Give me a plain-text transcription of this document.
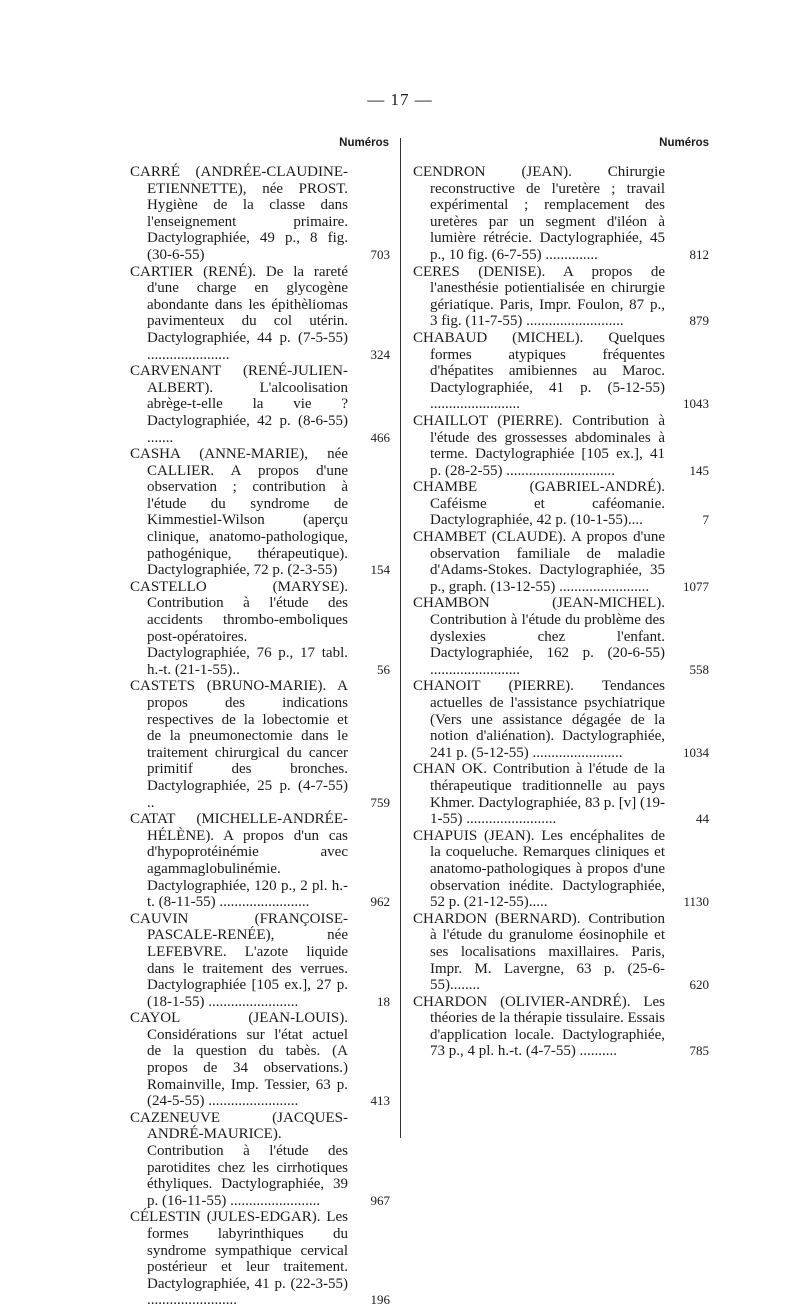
— 17 —
Numéros
CARRÉ (ANDRÉE-CLAUDINE-ETIENNETTE), née PROST. Hygiène de la classe dans l'enseignement primaire. Dactylographiée, 49 p., 8 fig. (30-6-55)	703
CARTIER (RENÉ). De la rareté d'une charge en glycogène abondante dans les épithèliomas pavimenteux du col utérin. Dactylographiée, 44 p. (7-5-55) ......................	324
CARVENANT (RENÉ-JULIEN-ALBERT). L'alcoolisation abrège-t-elle la vie ? Dactylographiée, 42 p. (8-6-55) .......	466
CASHA (ANNE-MARIE), née CALLIER. A propos d'une observation ; contribution à l'étude du syndrome de Kimmestiel-Wilson (aperçu clinique, anatomo-pathologique, pathogénique, thérapeutique). Dactylographiée, 72 p. (2-3-55)	154
CASTELLO (MARYSE). Contribution à l'étude des accidents thrombo-emboliques post-opératoires. Dactylographiée, 76 p., 17 tabl. h.-t. (21-1-55)..	56
CASTETS (BRUNO-MARIE). A propos des indications respectives de la lobectomie et de la pneumonectomie dans le traitement chirurgical du cancer primitif des bronches. Dactylographiée, 25 p. (4-7-55) ..	759
CATAT (MICHELLE-ANDRÉE-HÉLÈNE). A propos d'un cas d'hypoprotéinémie avec agammaglobulinémie. Dactylographiée, 120 p., 2 pl. h.-t. (8-11-55) ........................	962
CAUVIN (FRANÇOISE-PASCALE-RENÉE), née LEFEBVRE. L'azote liquide dans le traitement des verrues. Dactylographiée [105 ex.], 27 p. (18-1-55) ........................	18
CAYOL (JEAN-LOUIS). Considérations sur l'état actuel de la question du tabès. (A propos de 34 observations.) Romainville, Imp. Tessier, 63 p. (24-5-55) ........................	413
CAZENEUVE (JACQUES-ANDRÉ-MAURICE). Contribution à l'étude des parotidites chez les cirrhotiques éthyliques. Dactylographiée, 39 p. (16-11-55) ........................	967
CÉLESTIN (JULES-EDGAR). Les formes labyrinthiques du syndrome sympathique cervical postérieur et leur traitement. Dactylographiée, 41 p. (22-3-55) ........................	196
Numéros
CENDRON (JEAN). Chirurgie reconstructive de l'uretère ; travail expérimental ; remplacement des uretères par un segment d'iléon à lumière rétrécie. Dactylographiée, 45 p., 10 fig. (6-7-55) ..............	812
CERES (DENISE). A propos de l'anesthésie potientialisée en chirurgie gériatique. Paris, Impr. Foulon, 87 p., 3 fig. (11-7-55) ..........................	879
CHABAUD (MICHEL). Quelques formes atypiques fréquentes d'hépatites amibiennes au Maroc. Dactylographiée, 41 p. (5-12-55) ........................	1043
CHAILLOT (PIERRE). Contribution à l'étude des grossesses abdominales à terme. Dactylographiée [105 ex.], 41 p. (28-2-55) .............................	145
CHAMBE (GABRIEL-ANDRÉ). Caféisme et caféomanie. Dactylographiée, 42 p. (10-1-55)....	7
CHAMBET (CLAUDE). A propos d'une observation familiale de maladie d'Adams-Stokes. Dactylographiée, 35 p., graph. (13-12-55) ........................	1077
CHAMBON (JEAN-MICHEL). Contribution à l'étude du problème des dyslexies chez l'enfant. Dactylographiée, 162 p. (20-6-55) ........................	558
CHANOIT (PIERRE). Tendances actuelles de l'assistance psychiatrique (Vers une assistance dégagée de la notion d'aliénation). Dactylographiée, 241 p. (5-12-55) ........................	1034
CHAN OK. Contribution à l'étude de la thérapeutique traditionnelle au pays Khmer. Dactylographiée, 83 p. [v] (19-1-55) ........................	44
CHAPUIS (JEAN). Les encéphalites de la coqueluche. Remarques cliniques et anatomo-pathologiques à propos d'une observation inédite. Dactylographiée, 52 p. (21-12-55).....	1130
CHARDON (BERNARD). Contribution à l'étude du granulome éosinophile et ses localisations maxillaires. Paris, Impr. M. Lavergne, 63 p. (25-6-55)........	620
CHARDON (OLIVIER-ANDRÉ). Les théories de la thérapie tissulaire. Essais d'application locale. Dactylographiée, 73 p., 4 pl. h.-t. (4-7-55) ..........	785
